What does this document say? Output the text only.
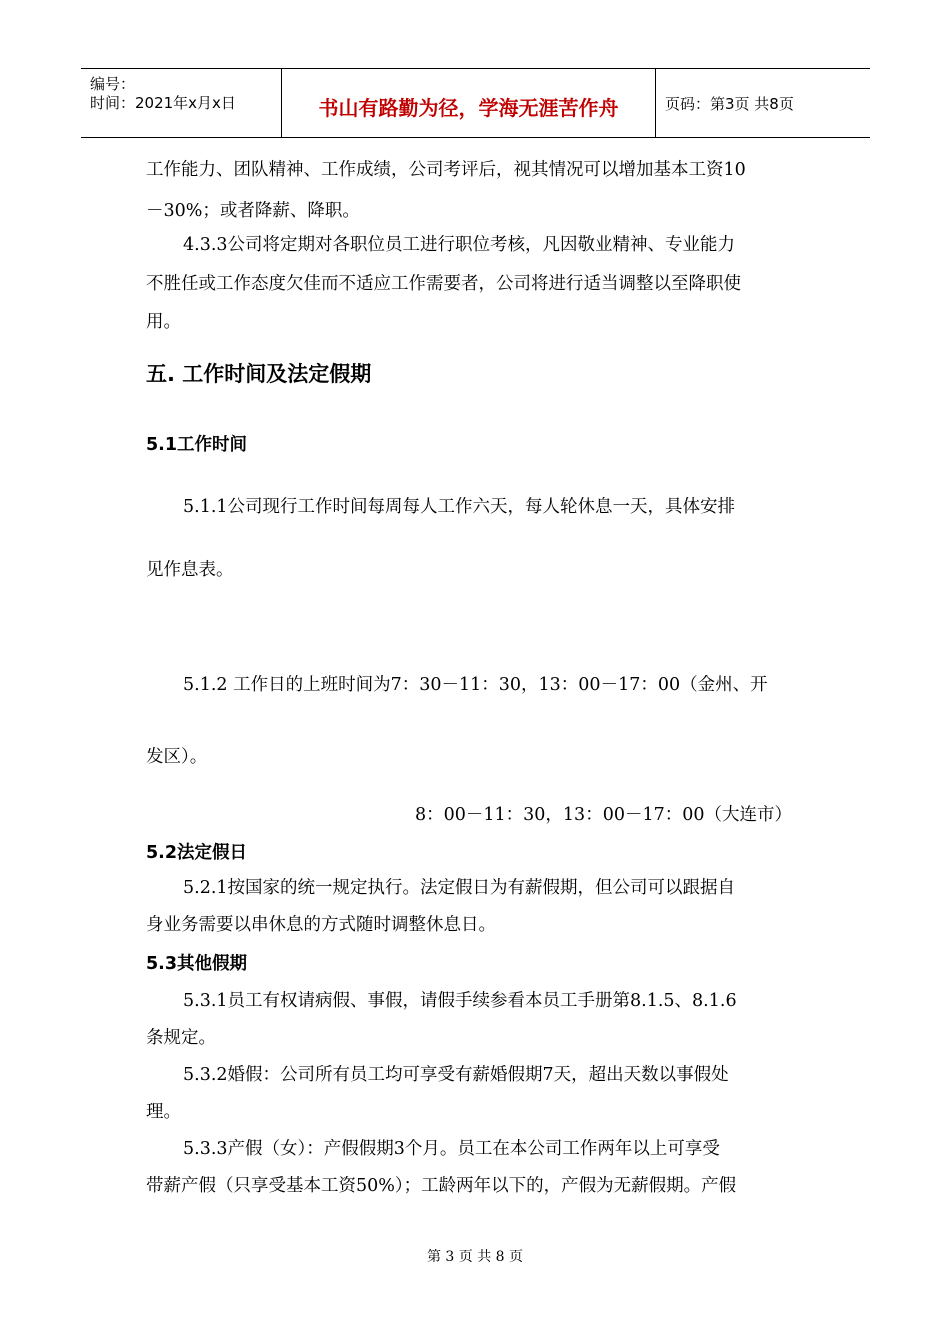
编号：
时间：2021年x月x日	书山有路勤为径，学海无涯苦作舟	页码：第3页 共8页
工作能力、团队精神、工作成绩，公司考评后，视其情况可以增加基本工资10
－30%；或者降薪、降职。
4.3.3公司将定期对各职位员工进行职位考核，凡因敬业精神、专业能力
不胜任或工作态度欠佳而不适应工作需要者，公司将进行适当调整以至降职使
用。
五. 工作时间及法定假期
5.1工作时间
5.1.1公司现行工作时间每周每人工作六天，每人轮休息一天，具体安排
见作息表。
5.1.2 工作日的上班时间为7：30－11：30，13：00－17：00（金州、开
发区）。
8：00－11：30，13：00－17：00（大连市）
5.2法定假日
5.2.1按国家的统一规定执行。法定假日为有薪假期，但公司可以跟据自
身业务需要以串休息的方式随时调整休息日。
5.3其他假期
5.3.1员工有权请病假、事假，请假手续参看本员工手册第8.1.5、8.1.6
条规定。
5.3.2婚假：公司所有员工均可享受有薪婚假期7天，超出天数以事假处
理。
5.3.3产假（女）：产假假期3个月。员工在本公司工作两年以上可享受
带薪产假（只享受基本工资50%）；工龄两年以下的，产假为无薪假期。产假
第 3 页 共 8 页
